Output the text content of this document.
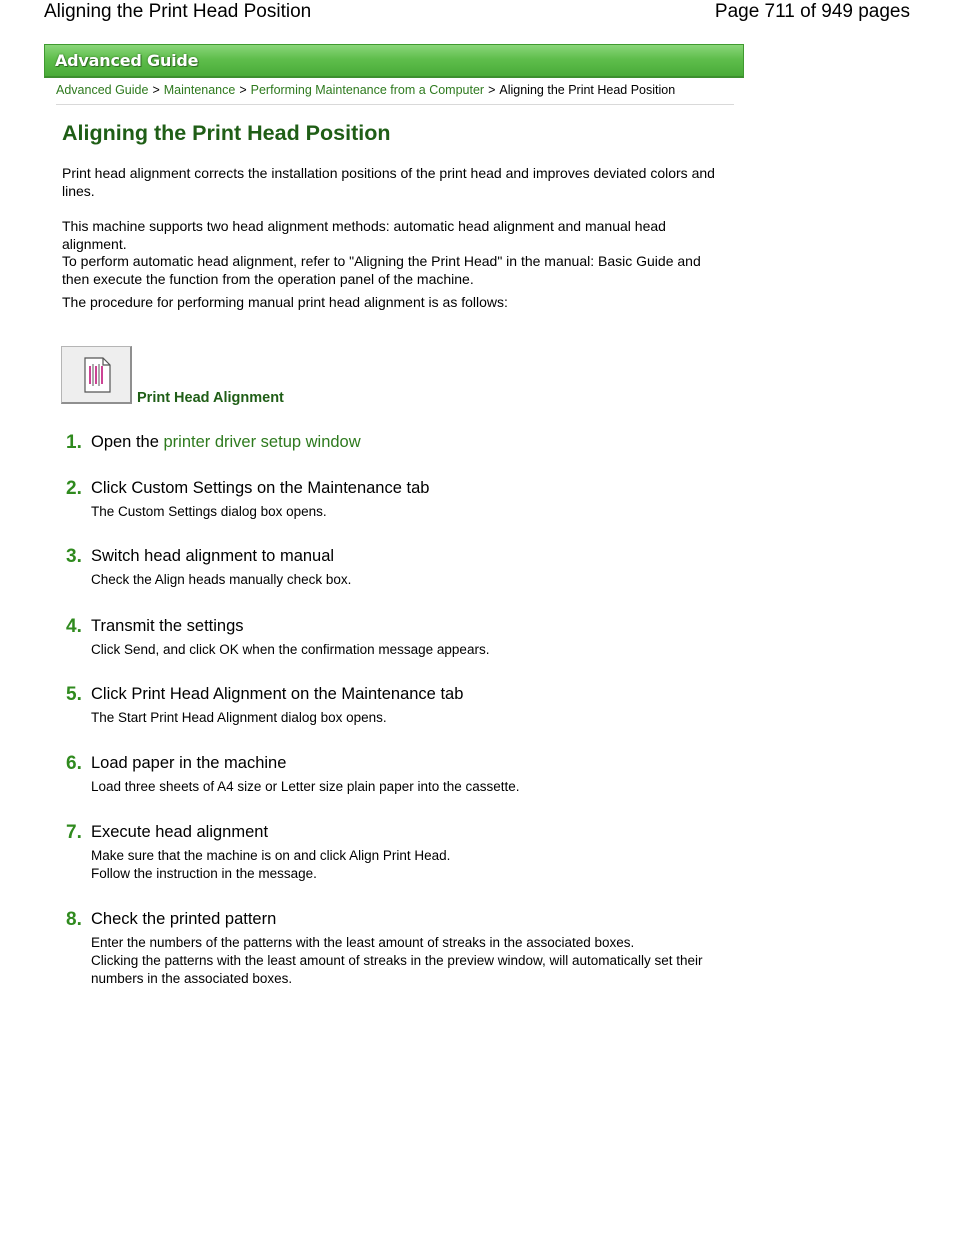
Aligning the Print Head Position	Page 711 of 949 pages
Advanced Guide
Advanced Guide > Maintenance > Performing Maintenance from a Computer > Aligning the Print Head Position
Aligning the Print Head Position

Print head alignment corrects the installation positions of the print head and improves deviated colors and lines.

This machine supports two head alignment methods: automatic head alignment and manual head alignment.

To perform automatic head alignment, refer to "Aligning the Print Head" in the manual: Basic Guide and then execute the function from the operation panel of the machine.

The procedure for performing manual print head alignment is as follows:

Print Head Alignment
1. Open the printer driver setup window
2. Click Custom Settings on the Maintenance tab

The Custom Settings dialog box opens.

3. Switch head alignment to manual

Check the Align heads manually check box.

4. Transmit the settings

Click Send, and click OK when the confirmation message appears.

5. Click Print Head Alignment on the Maintenance tab

The Start Print Head Alignment dialog box opens.

6. Load paper in the machine

Load three sheets of A4 size or Letter size plain paper into the cassette.

7. Execute head alignment

Make sure that the machine is on and click Align Print Head.
Follow the instruction in the message.

8. Check the printed pattern

Enter the numbers of the patterns with the least amount of streaks in the associated boxes.
Clicking the patterns with the least amount of streaks in the preview window, will automatically set their numbers in the associated boxes.
